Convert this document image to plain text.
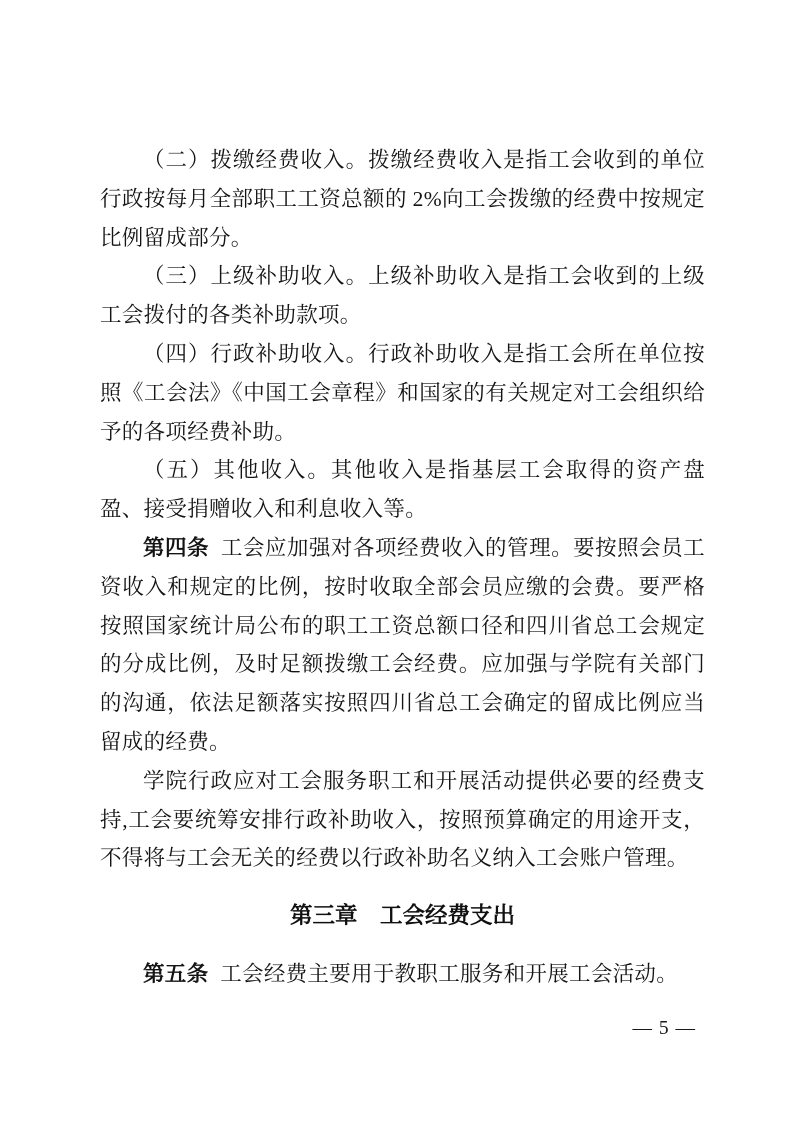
（二）拨缴经费收入。拨缴经费收入是指工会收到的单位行政按每月全部职工工资总额的 2%向工会拨缴的经费中按规定比例留成部分。

（三）上级补助收入。上级补助收入是指工会收到的上级工会拨付的各类补助款项。

（四）行政补助收入。行政补助收入是指工会所在单位按照《工会法》《中国工会章程》和国家的有关规定对工会组织给予的各项经费补助。

（五）其他收入。其他收入是指基层工会取得的资产盘盈、接受捐赠收入和利息收入等。

第四条 工会应加强对各项经费收入的管理。要按照会员工资收入和规定的比例，按时收取全部会员应缴的会费。要严格按照国家统计局公布的职工工资总额口径和四川省总工会规定的分成比例，及时足额拨缴工会经费。应加强与学院有关部门的沟通，依法足额落实按照四川省总工会确定的留成比例应当留成的经费。

学院行政应对工会服务职工和开展活动提供必要的经费支持,工会要统筹安排行政补助收入，按照预算确定的用途开支，不得将与工会无关的经费以行政补助名义纳入工会账户管理。

第三章　工会经费支出

第五条 工会经费主要用于教职工服务和开展工会活动。

— 5 —
